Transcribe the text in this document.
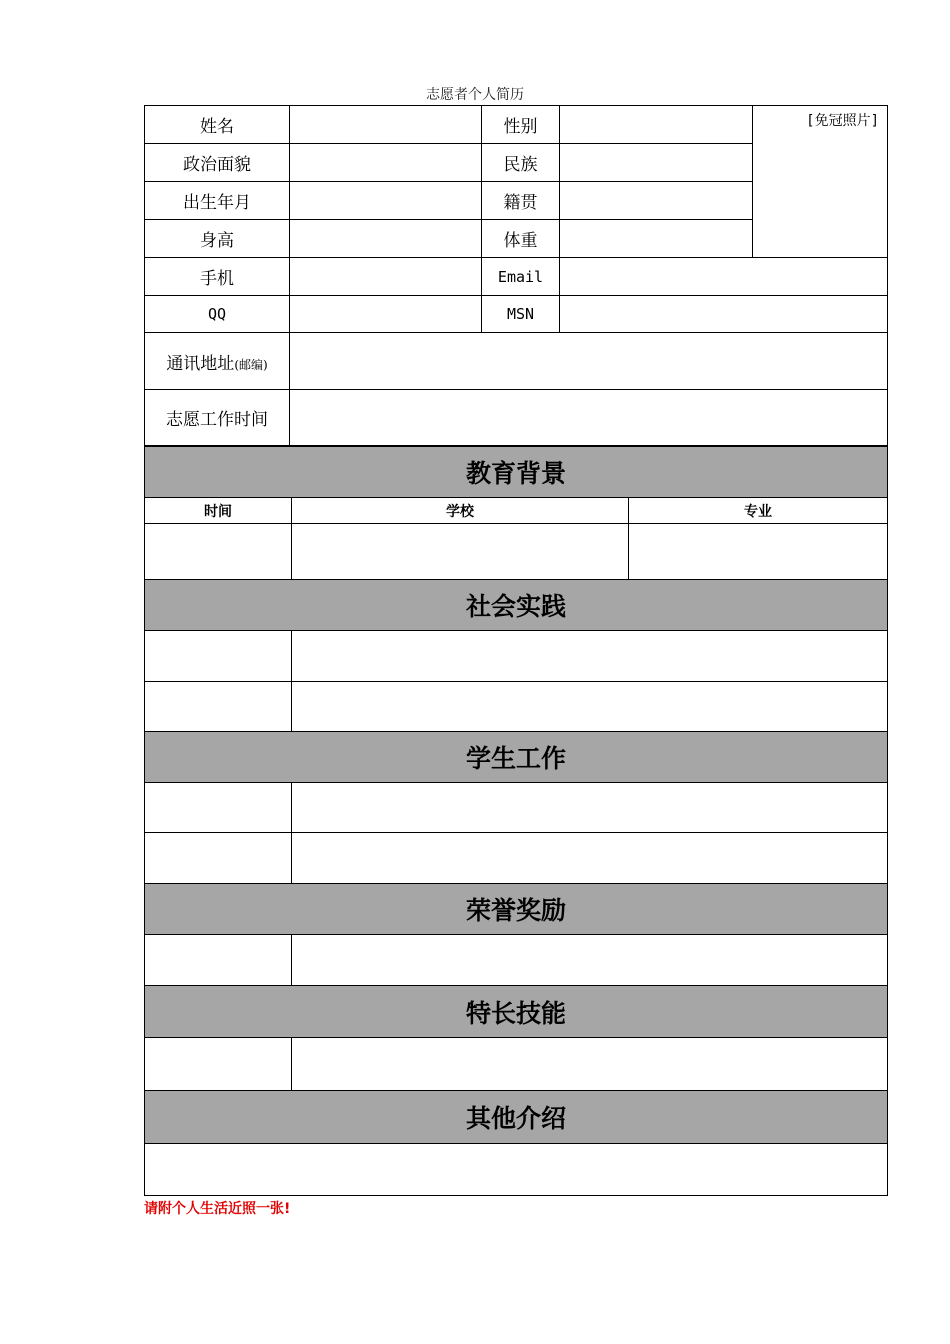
志愿者个人简历
姓名		性别		[免冠照片]
政治面貌		民族		
出生年月		籍贯		
身高		体重		
手机		Email		
QQ		MSN		
通讯地址(邮编)				
志愿工作时间				
教育背景		
时间	学校	专业

社会实践		

学生工作		

荣誉奖励		

特长技能		

其他介绍		

请附个人生活近照一张!
